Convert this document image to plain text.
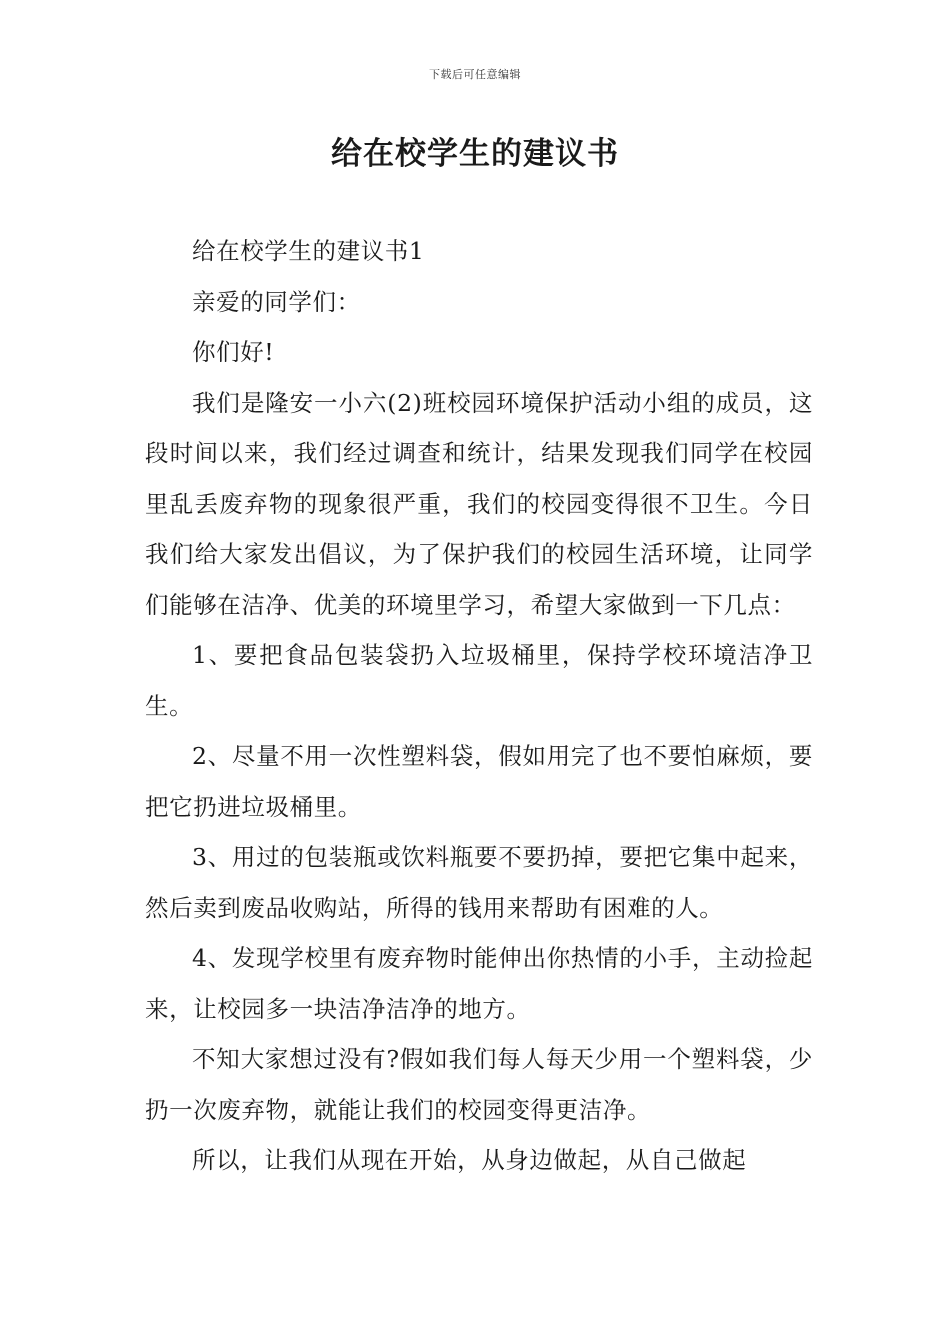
下载后可任意编辑
给在校学生的建议书

给在校学生的建议书1

亲爱的同学们：

你们好!

我们是隆安一小六(2)班校园环境保护活动小组的成员，这段时间以来，我们经过调查和统计，结果发现我们同学在校园里乱丢废弃物的现象很严重，我们的校园变得很不卫生。今日我们给大家发出倡议，为了保护我们的校园生活环境，让同学们能够在洁净、优美的环境里学习，希望大家做到一下几点：

1、要把食品包装袋扔入垃圾桶里，保持学校环境洁净卫生。

2、尽量不用一次性塑料袋，假如用完了也不要怕麻烦，要把它扔进垃圾桶里。

3、用过的包装瓶或饮料瓶要不要扔掉，要把它集中起来，然后卖到废品收购站，所得的钱用来帮助有困难的人。

4、发现学校里有废弃物时能伸出你热情的小手，主动捡起来，让校园多一块洁净洁净的地方。

不知大家想过没有?假如我们每人每天少用一个塑料袋，少扔一次废弃物，就能让我们的校园变得更洁净。

所以，让我们从现在开始，从身边做起，从自己做起
